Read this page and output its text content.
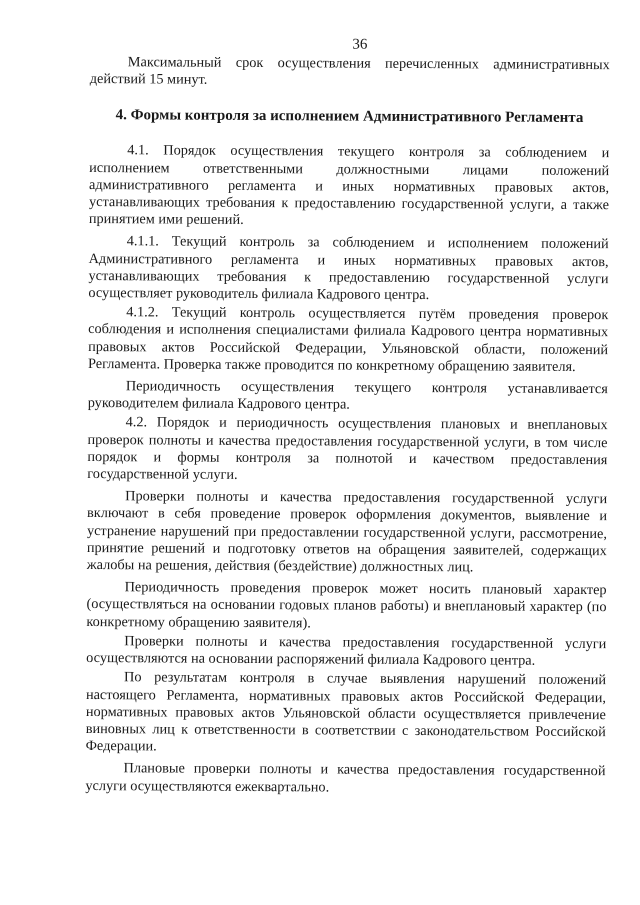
36

Максимальный срок осуществления перечисленных административных действий 15 минут.

4. Формы контроля за исполнением Административного Регламента

4.1. Порядок осуществления текущего контроля за соблюдением и исполнением ответственными должностными лицами положений административного регламента и иных нормативных правовых актов, устанавливающих требования к предоставлению государственной услуги, а также принятием ими решений.

4.1.1. Текущий контроль за соблюдением и исполнением положений Административного регламента и иных нормативных правовых актов, устанавливающих требования к предоставлению государственной услуги осуществляет руководитель филиала Кадрового центра.

4.1.2. Текущий контроль осуществляется путём проведения проверок соблюдения и исполнения специалистами филиала Кадрового центра нормативных правовых актов Российской Федерации, Ульяновской области, положений Регламента. Проверка также проводится по конкретному обращению заявителя.

Периодичность осуществления текущего контроля устанавливается руководителем филиала Кадрового центра.

4.2. Порядок и периодичность осуществления плановых и внеплановых проверок полноты и качества предоставления государственной услуги, в том числе порядок и формы контроля за полнотой и качеством предоставления государственной услуги.

Проверки полноты и качества предоставления государственной услуги включают в себя проведение проверок оформления документов, выявление и устранение нарушений при предоставлении государственной услуги, рассмотрение, принятие решений и подготовку ответов на обращения заявителей, содержащих жалобы на решения, действия (бездействие) должностных лиц.

Периодичность проведения проверок может носить плановый характер (осуществляться на основании годовых планов работы) и внеплановый характер (по конкретному обращению заявителя).

Проверки полноты и качества предоставления государственной услуги осуществляются на основании распоряжений филиала Кадрового центра.

По результатам контроля в случае выявления нарушений положений настоящего Регламента, нормативных правовых актов Российской Федерации, нормативных правовых актов Ульяновской области осуществляется привлечение виновных лиц к ответственности в соответствии с законодательством Российской Федерации.

Плановые проверки полноты и качества предоставления государственной услуги осуществляются ежеквартально.
